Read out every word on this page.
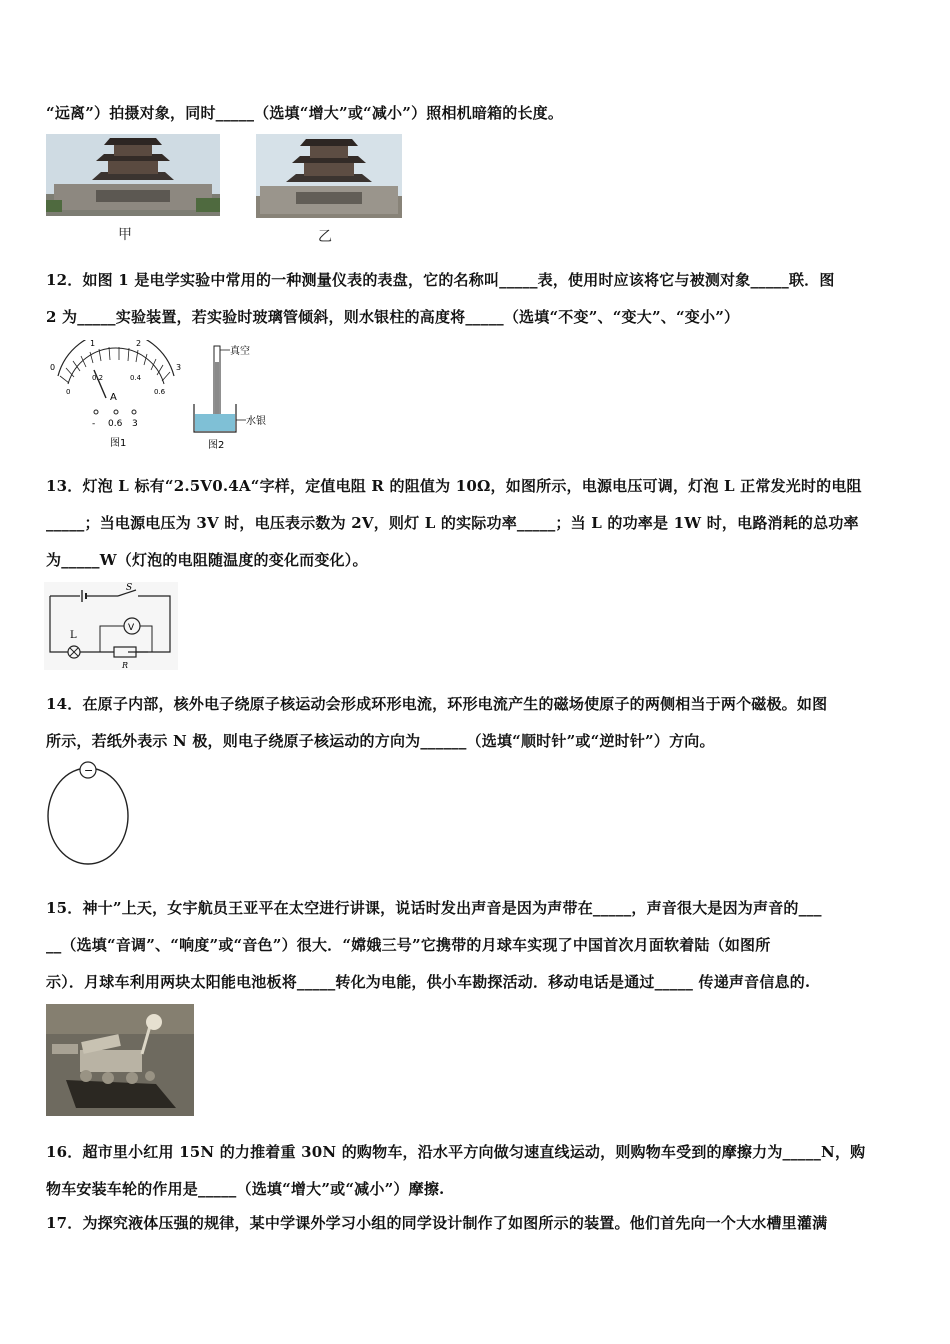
“远离”）拍摄对象，同时_____（选填“增大”或“减小”）照相机暗箱的长度。
甲	乙
12．如图 1 是电学实验中常用的一种测量仪表的表盘，它的名称叫_____表，使用时应该将它与被测对象_____联．图
2 为_____实验装置，若实验时玻璃管倾斜，则水银柱的高度将_____（选填“不变”、“变大”、“变小”）
0
1	2
3
0
0.2	0.4
0.6
A
- 0.6 3
图1
真空
水银
图2
13．灯泡 L 标有“2.5V0.4A“字样，定值电阻 R 的阻值为 10Ω，如图所示，电源电压可调，灯泡 L 正常发光时的电阻
_____；当电源电压为 3V 时，电压表示数为 2V，则灯 L 的实际功率_____；当 L 的功率是 1W 时，电路消耗的总功率
为_____W（灯泡的电阻随温度的变化而变化）。
S
L
R
V
14．在原子内部，核外电子绕原子核运动会形成环形电流，环形电流产生的磁场使原子的两侧相当于两个磁极。如图
所示，若纸外表示 N 极，则电子绕原子核运动的方向为______（选填“顺时针”或“逆时针”）方向。
−
15．神十”上天，女宇航员王亚平在太空进行讲课，说话时发出声音是因为声带在_____，声音很大是因为声音的___
__（选填“音调”、“响度”或“音色”）很大．“嫦娥三号”它携带的月球车实现了中国首次月面软着陆（如图所
示）．月球车利用两块太阳能电池板将_____转化为电能，供小车勘探活动．移动电话是通过_____ 传递声音信息的.
16．超市里小红用 15N 的力推着重 30N 的购物车，沿水平方向做匀速直线运动，则购物车受到的摩擦力为_____N，购
物车安装车轮的作用是_____（选填“增大”或“减小”）摩擦.
17．为探究液体压强的规律，某中学课外学习小组的同学设计制作了如图所示的装置。他们首先向一个大水槽里灌满
